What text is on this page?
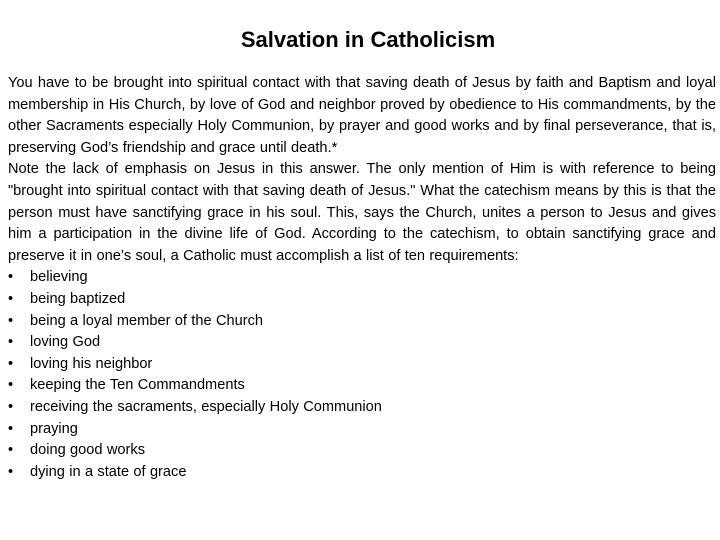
Salvation in Catholicism

You have to be brought into spiritual contact with that saving death of Jesus by faith and Baptism and loyal membership in His Church, by love of God and neighbor proved by obedience to His commandments, by the other Sacraments especially Holy Communion, by prayer and good works and by final perseverance, that is, preserving God’s friendship and grace until death.*

Note the lack of emphasis on Jesus in this answer. The only mention of Him is with reference to being "brought into spiritual contact with that saving death of Jesus." What the catechism means by this is that the person must have sanctifying grace in his soul. This, says the Church, unites a person to Jesus and gives him a participation in the divine life of God. According to the catechism, to obtain sanctifying grace and preserve it in one’s soul, a Catholic must accomplish a list of ten requirements:

• believing
• being baptized
• being a loyal member of the Church
• loving God
• loving his neighbor
• keeping the Ten Commandments
• receiving the sacraments, especially Holy Communion
• praying
• doing good works
• dying in a state of grace
